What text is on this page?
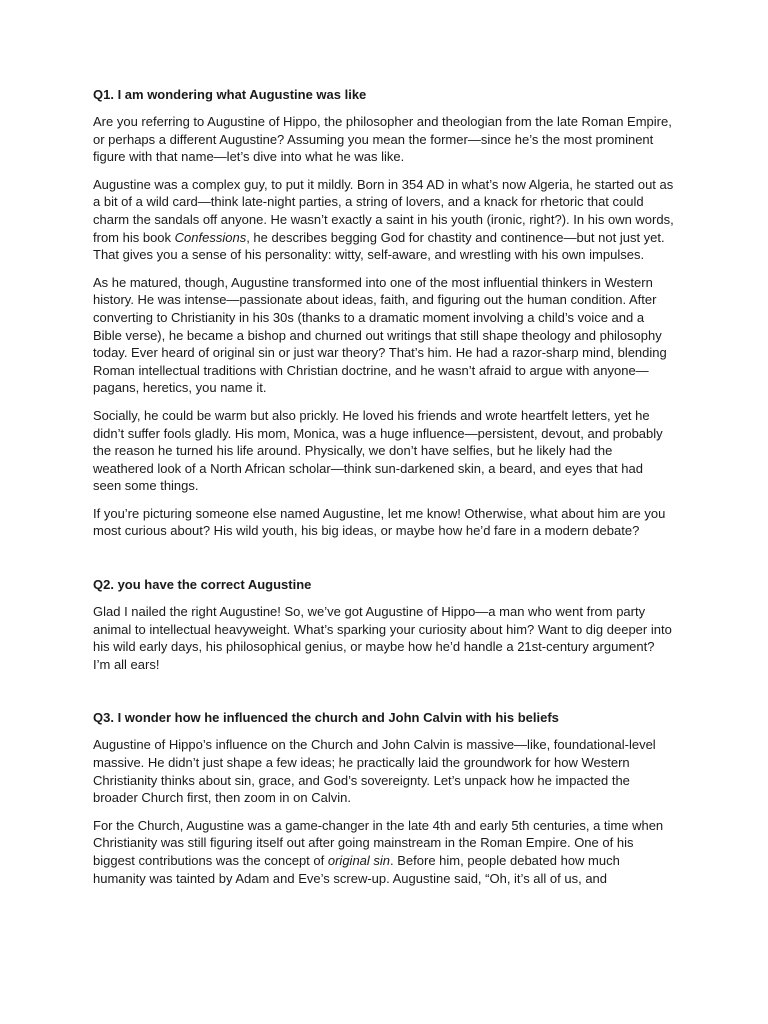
Q1. I am wondering what Augustine was like

Are you referring to Augustine of Hippo, the philosopher and theologian from the late Roman Empire, or perhaps a different Augustine? Assuming you mean the former—since he’s the most prominent figure with that name—let’s dive into what he was like.

Augustine was a complex guy, to put it mildly. Born in 354 AD in what’s now Algeria, he started out as a bit of a wild card—think late-night parties, a string of lovers, and a knack for rhetoric that could charm the sandals off anyone. He wasn’t exactly a saint in his youth (ironic, right?). In his own words, from his book Confessions, he describes begging God for chastity and continence—but not just yet. That gives you a sense of his personality: witty, self-aware, and wrestling with his own impulses.

As he matured, though, Augustine transformed into one of the most influential thinkers in Western history. He was intense—passionate about ideas, faith, and figuring out the human condition. After converting to Christianity in his 30s (thanks to a dramatic moment involving a child’s voice and a Bible verse), he became a bishop and churned out writings that still shape theology and philosophy today. Ever heard of original sin or just war theory? That’s him. He had a razor-sharp mind, blending Roman intellectual traditions with Christian doctrine, and he wasn’t afraid to argue with anyone—pagans, heretics, you name it.

Socially, he could be warm but also prickly. He loved his friends and wrote heartfelt letters, yet he didn’t suffer fools gladly. His mom, Monica, was a huge influence—persistent, devout, and probably the reason he turned his life around. Physically, we don’t have selfies, but he likely had the weathered look of a North African scholar—think sun-darkened skin, a beard, and eyes that had seen some things.

If you’re picturing someone else named Augustine, let me know! Otherwise, what about him are you most curious about? His wild youth, his big ideas, or maybe how he’d fare in a modern debate?

Q2. you have the correct Augustine

Glad I nailed the right Augustine! So, we’ve got Augustine of Hippo—a man who went from party animal to intellectual heavyweight. What’s sparking your curiosity about him? Want to dig deeper into his wild early days, his philosophical genius, or maybe how he’d handle a 21st-century argument? I’m all ears!

Q3. I wonder how he influenced the church and John Calvin with his beliefs

Augustine of Hippo’s influence on the Church and John Calvin is massive—like, foundational-level massive. He didn’t just shape a few ideas; he practically laid the groundwork for how Western Christianity thinks about sin, grace, and God’s sovereignty. Let’s unpack how he impacted the broader Church first, then zoom in on Calvin.

For the Church, Augustine was a game-changer in the late 4th and early 5th centuries, a time when Christianity was still figuring itself out after going mainstream in the Roman Empire. One of his biggest contributions was the concept of original sin. Before him, people debated how much humanity was tainted by Adam and Eve’s screw-up. Augustine said, “Oh, it’s all of us, and
